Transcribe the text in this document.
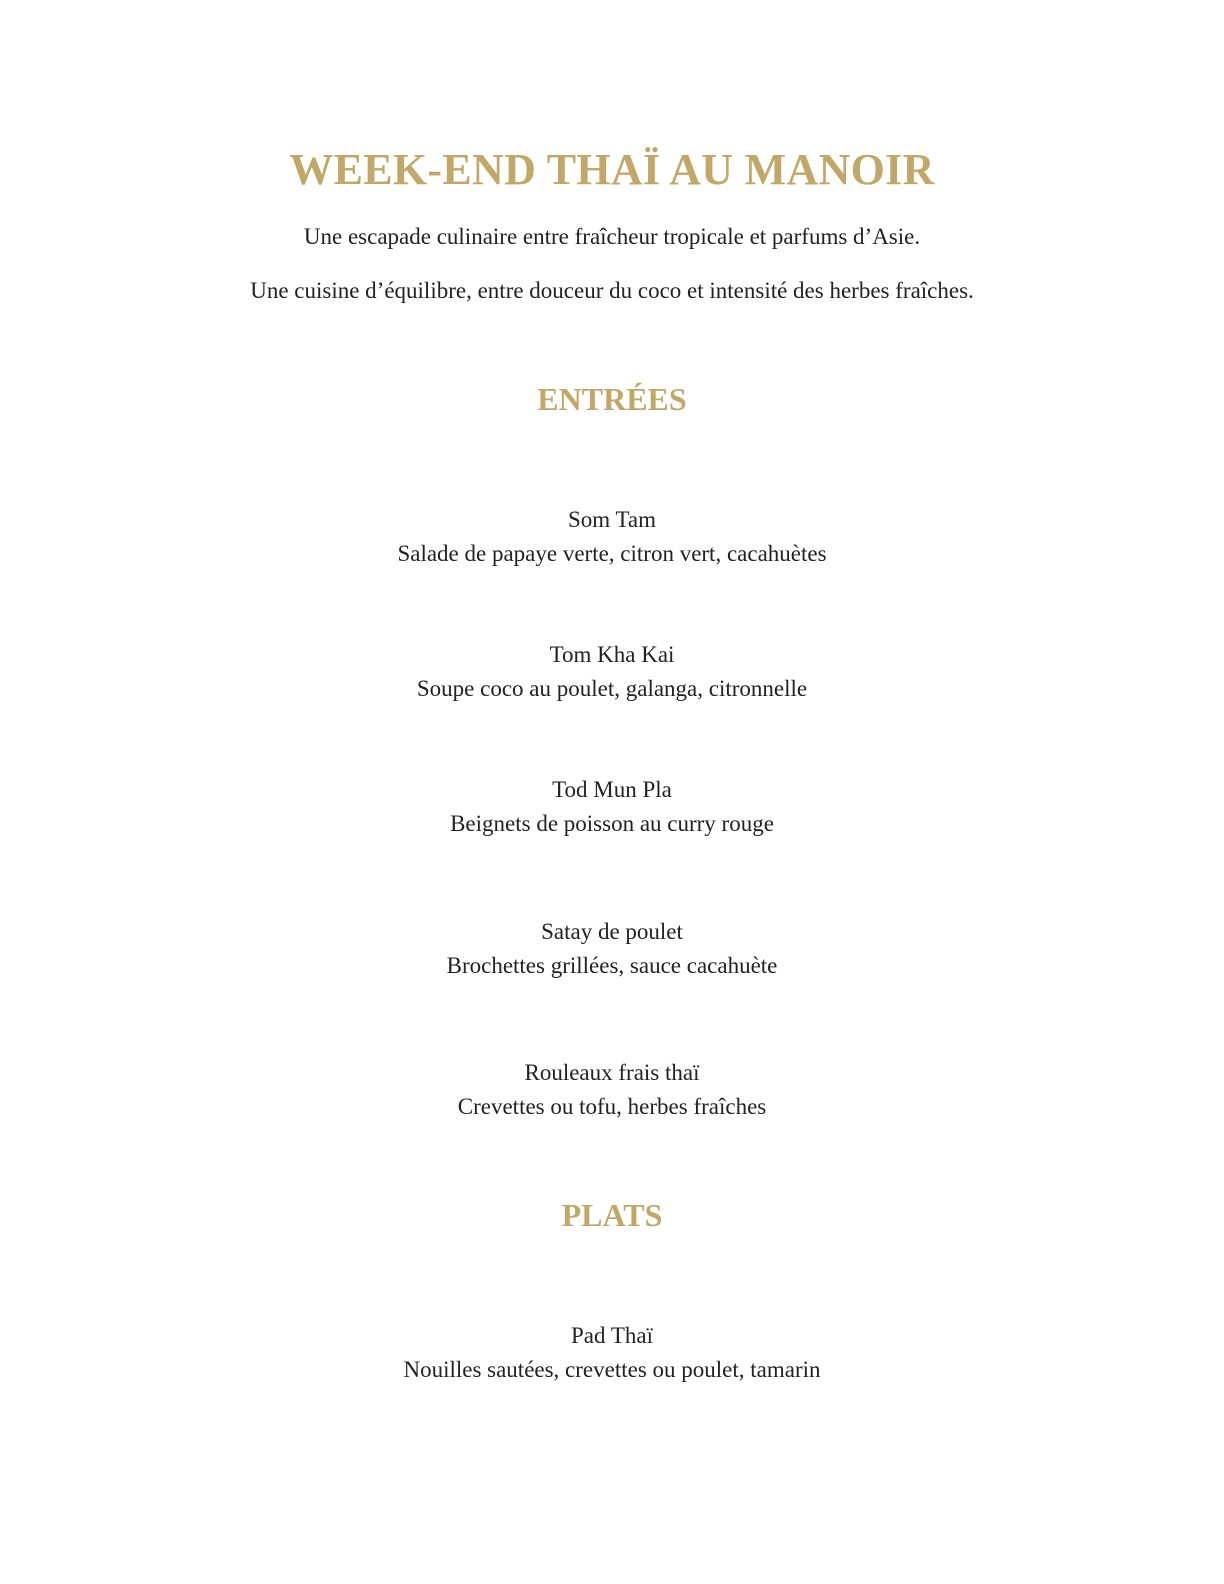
WEEK-END THAÏ AU MANOIR
Une escapade culinaire entre fraîcheur tropicale et parfums d’Asie.
Une cuisine d’équilibre, entre douceur du coco et intensité des herbes fraîches.
ENTRÉES
Som Tam
Salade de papaye verte, citron vert, cacahuètes
Tom Kha Kai
Soupe coco au poulet, galanga, citronnelle
Tod Mun Pla
Beignets de poisson au curry rouge
Satay de poulet
Brochettes grillées, sauce cacahuète
Rouleaux frais thaï
Crevettes ou tofu, herbes fraîches
PLATS
Pad Thaï
Nouilles sautées, crevettes ou poulet, tamarin
